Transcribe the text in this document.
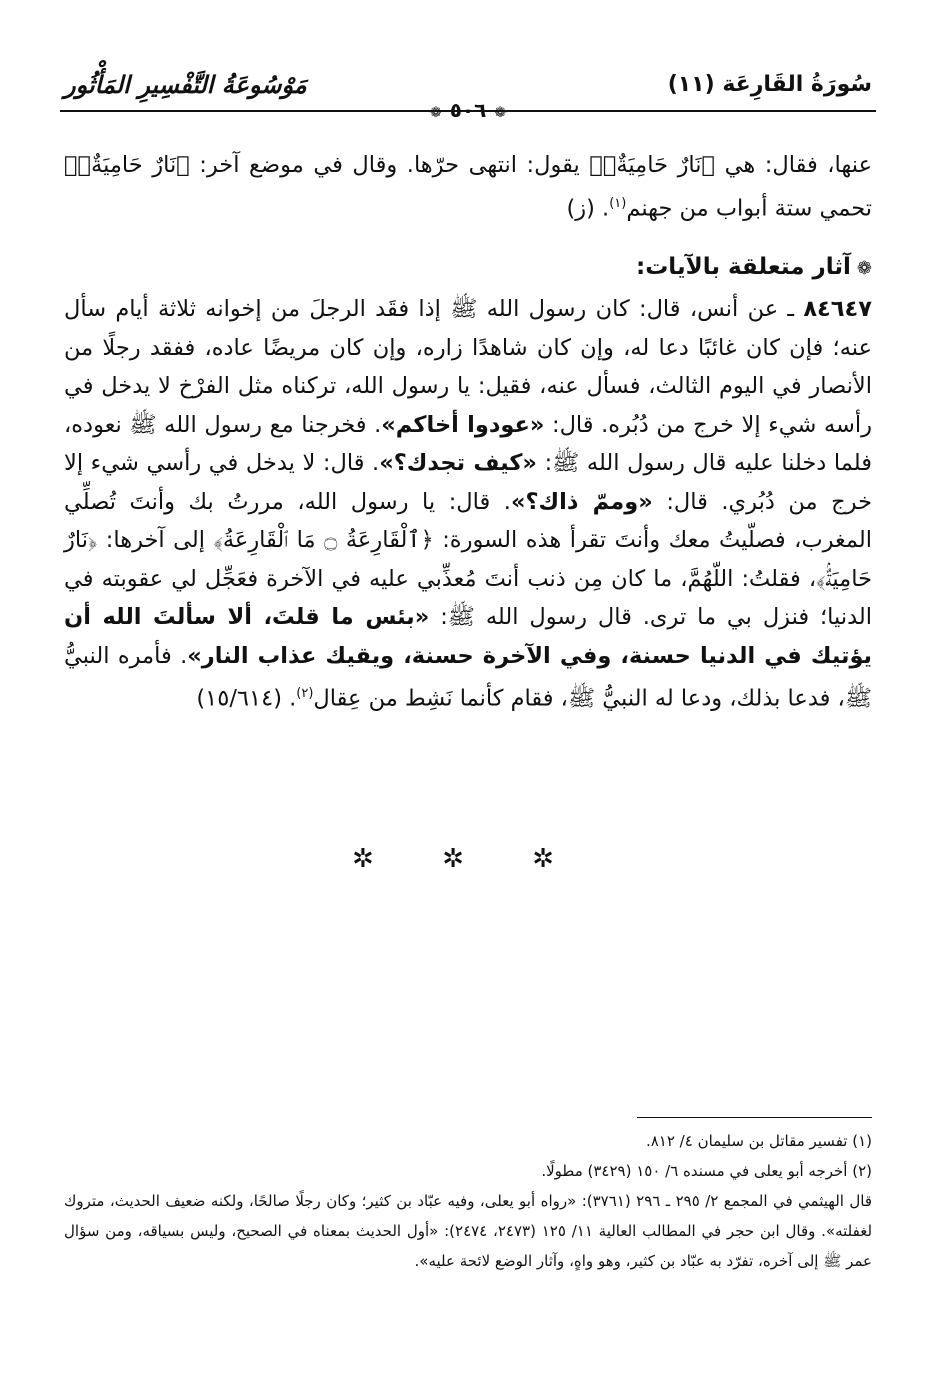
سُورَةُ القَارِعَة (١١)
مَوْسُوعَةُ التَّفْسِيرِ المَأْثُور
❁ ٥٠٦ ❁

عنها، فقال: هي ﴿نَارٌ حَامِيَةٌۢ﴾ يقول: انتهى حرّها. وقال في موضع آخر: ﴿نَارٌ حَامِيَةٌۢ﴾ تحمي ستة أبواب من جهنم$^{(١)}$. (ز)

❁آثار متعلقة بالآيات:

٨٤٦٤٧ ـ عن أنس، قال: كان رسول الله ﷺ إذا فقَد الرجلَ من إخوانه ثلاثة أيام سأل عنه؛ فإن كان غائبًا دعا له، وإن كان شاهدًا زاره، وإن كان مريضًا عاده، ففقد رجلًا من الأنصار في اليوم الثالث، فسأل عنه، فقيل: يا رسول الله، تركناه مثل الفرْخ لا يدخل في رأسه شيء إلا خرج من دُبُره. قال: «عودوا أخاكم». فخرجنا مع رسول الله ﷺ نعوده، فلما دخلنا عليه قال رسول الله ﷺ: «كيف تجدك؟». قال: لا يدخل في رأسي شيء إلا خرج من دُبُري. قال: «وممّ ذاك؟». قال: يا رسول الله، مررتُ بك وأنتَ تُصلِّي المغرب، فصلّيتُ معك وأنتَ تقرأ هذه السورة: ﴿ٱلْقَارِعَةُ ۝ مَا ٱلْقَارِعَةُ﴾ إلى آخرها: ﴿نَارٌ حَامِيَةٌۢ﴾، فقلتُ: اللّهُمَّ، ما كان مِن ذنب أنتَ مُعذِّبي عليه في الآخرة فعَجِّل لي عقوبته في الدنيا؛ فنزل بي ما ترى. قال رسول الله ﷺ: «بئس ما قلتَ، ألا سألتَ الله أن يؤتيك في الدنيا حسنة، وفي الآخرة حسنة، ويقيك عذاب النار». فأمره النبيُّ ﷺ، فدعا بذلك، ودعا له النبيُّ ﷺ، فقام كأنما نَشِط من عِقال$^{(٢)}$. (١٥/٦١٤)

✲ ✲ ✲

(١) تفسير مقاتل بن سليمان ٤/ ٨١٢.

(٢) أخرجه أبو يعلى في مسنده ٦/ ١٥٠ (٣٤٢٩) مطولًا.

قال الهيثمي في المجمع ٢/ ٢٩٥ ـ ٢٩٦ (٣٧٦١): «رواه أبو يعلى، وفيه عبّاد بن كثير؛ وكان رجلًا صالحًا، ولكنه ضعيف الحديث، متروك لغفلته». وقال ابن حجر في المطالب العالية ١١/ ١٢٥ (٢٤٧٣، ٢٤٧٤): «أول الحديث بمعناه في الصحيح، وليس بسياقه، ومن سؤال عمر ﷺ إلى آخره، تفرّد به عبّاد بن كثير، وهو واهٍ، وآثار الوضع لائحة عليه».
